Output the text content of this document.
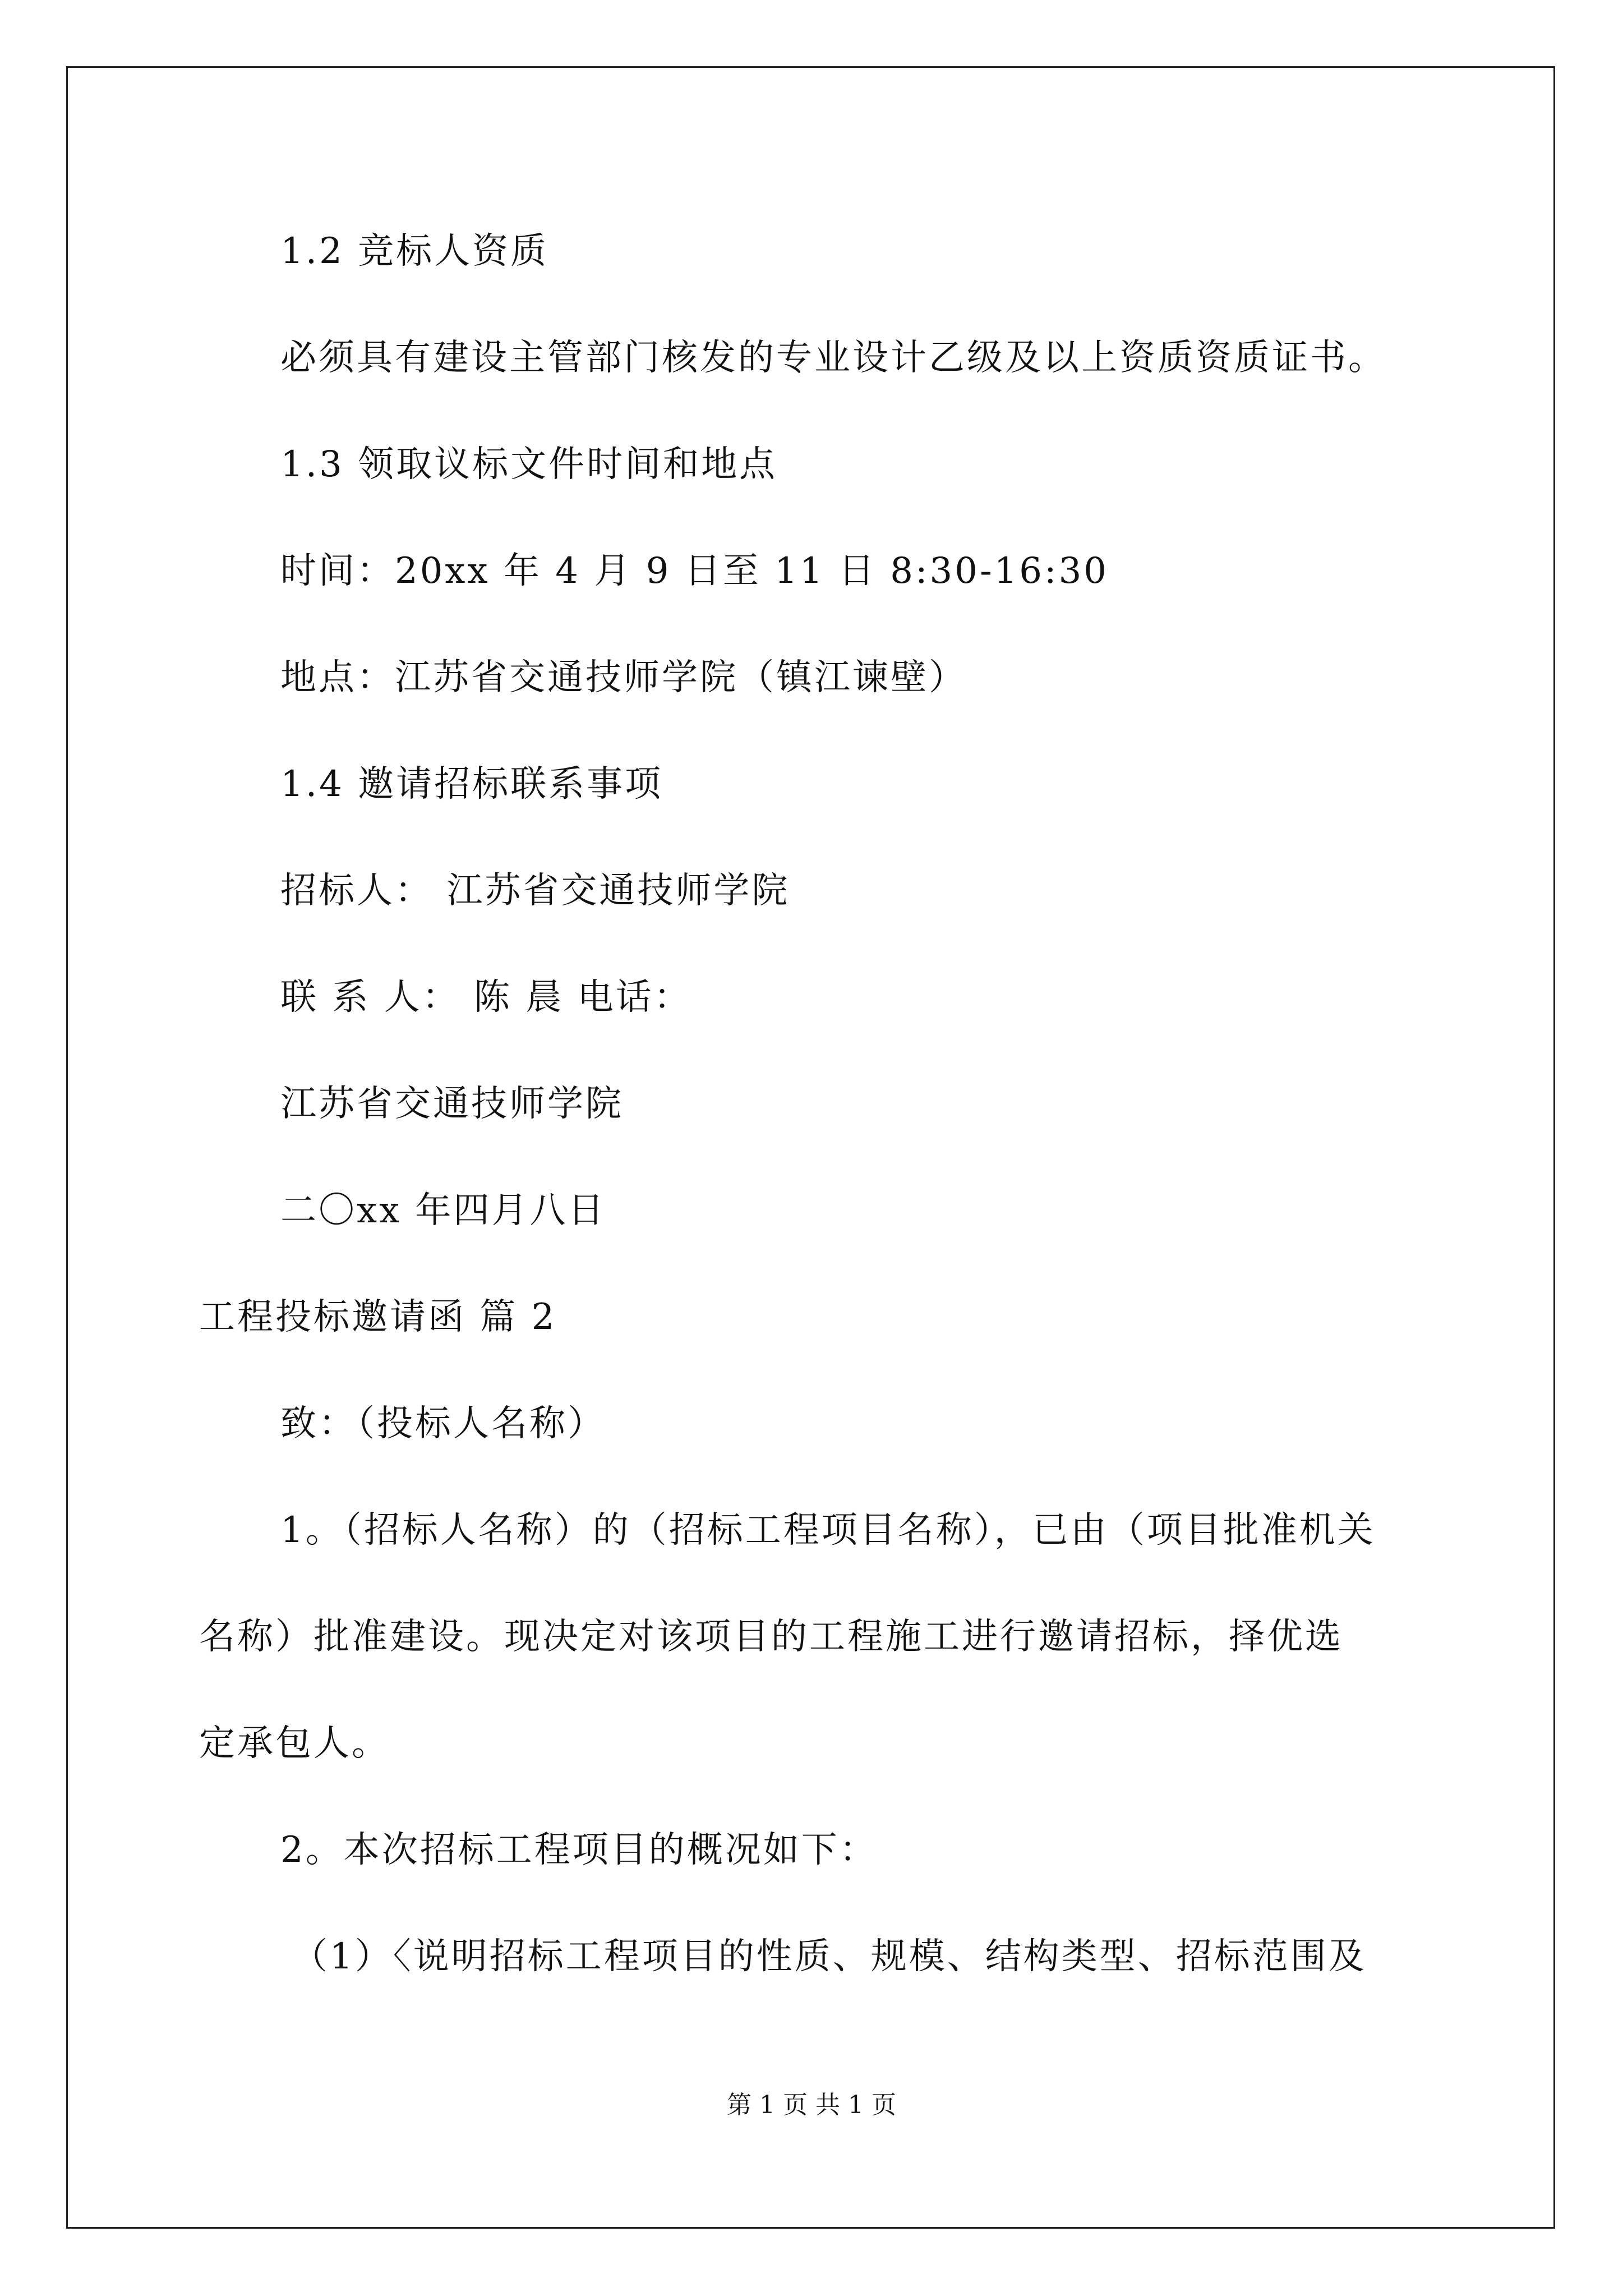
1.2 竞标人资质
必须具有建设主管部门核发的专业设计乙级及以上资质资质证书。
1.3 领取议标文件时间和地点
时间：20xx 年 4 月 9 日至 11 日 8:30-16:30
地点：江苏省交通技师学院（镇江谏壁）
1.4 邀请招标联系事项
招标人： 江苏省交通技师学院
联 系 人： 陈 晨 电话：
江苏省交通技师学院
二〇xx 年四月八日
工程投标邀请函 篇 2
致：（投标人名称）
1。（招标人名称）的（招标工程项目名称），已由（项目批准机关
名称）批准建设。现决定对该项目的工程施工进行邀请招标，择优选
定承包人。
2。本次招标工程项目的概况如下：
（1）〈说明招标工程项目的性质、规模、结构类型、招标范围及
第 1 页 共 1 页
